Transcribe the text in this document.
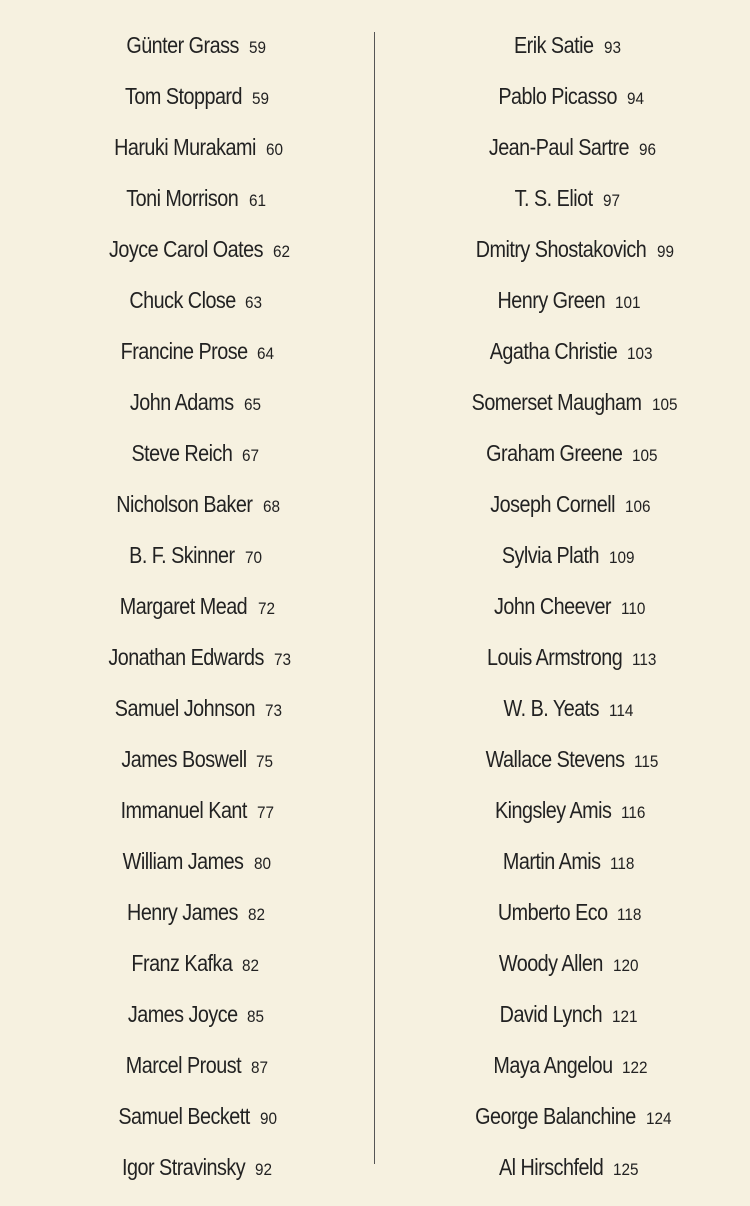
Günter Grass 59
Tom Stoppard 59
Haruki Murakami 60
Toni Morrison 61
Joyce Carol Oates 62
Chuck Close 63
Francine Prose 64
John Adams 65
Steve Reich 67
Nicholson Baker 68
B. F. Skinner 70
Margaret Mead 72
Jonathan Edwards 73
Samuel Johnson 73
James Boswell 75
Immanuel Kant 77
William James 80
Henry James 82
Franz Kafka 82
James Joyce 85
Marcel Proust 87
Samuel Beckett 90
Igor Stravinsky 92
Erik Satie 93
Pablo Picasso 94
Jean-Paul Sartre 96
T. S. Eliot 97
Dmitry Shostakovich 99
Henry Green 101
Agatha Christie 103
Somerset Maugham 105
Graham Greene 105
Joseph Cornell 106
Sylvia Plath 109
John Cheever 110
Louis Armstrong 113
W. B. Yeats 114
Wallace Stevens 115
Kingsley Amis 116
Martin Amis 118
Umberto Eco 118
Woody Allen 120
David Lynch 121
Maya Angelou 122
George Balanchine 124
Al Hirschfeld 125
